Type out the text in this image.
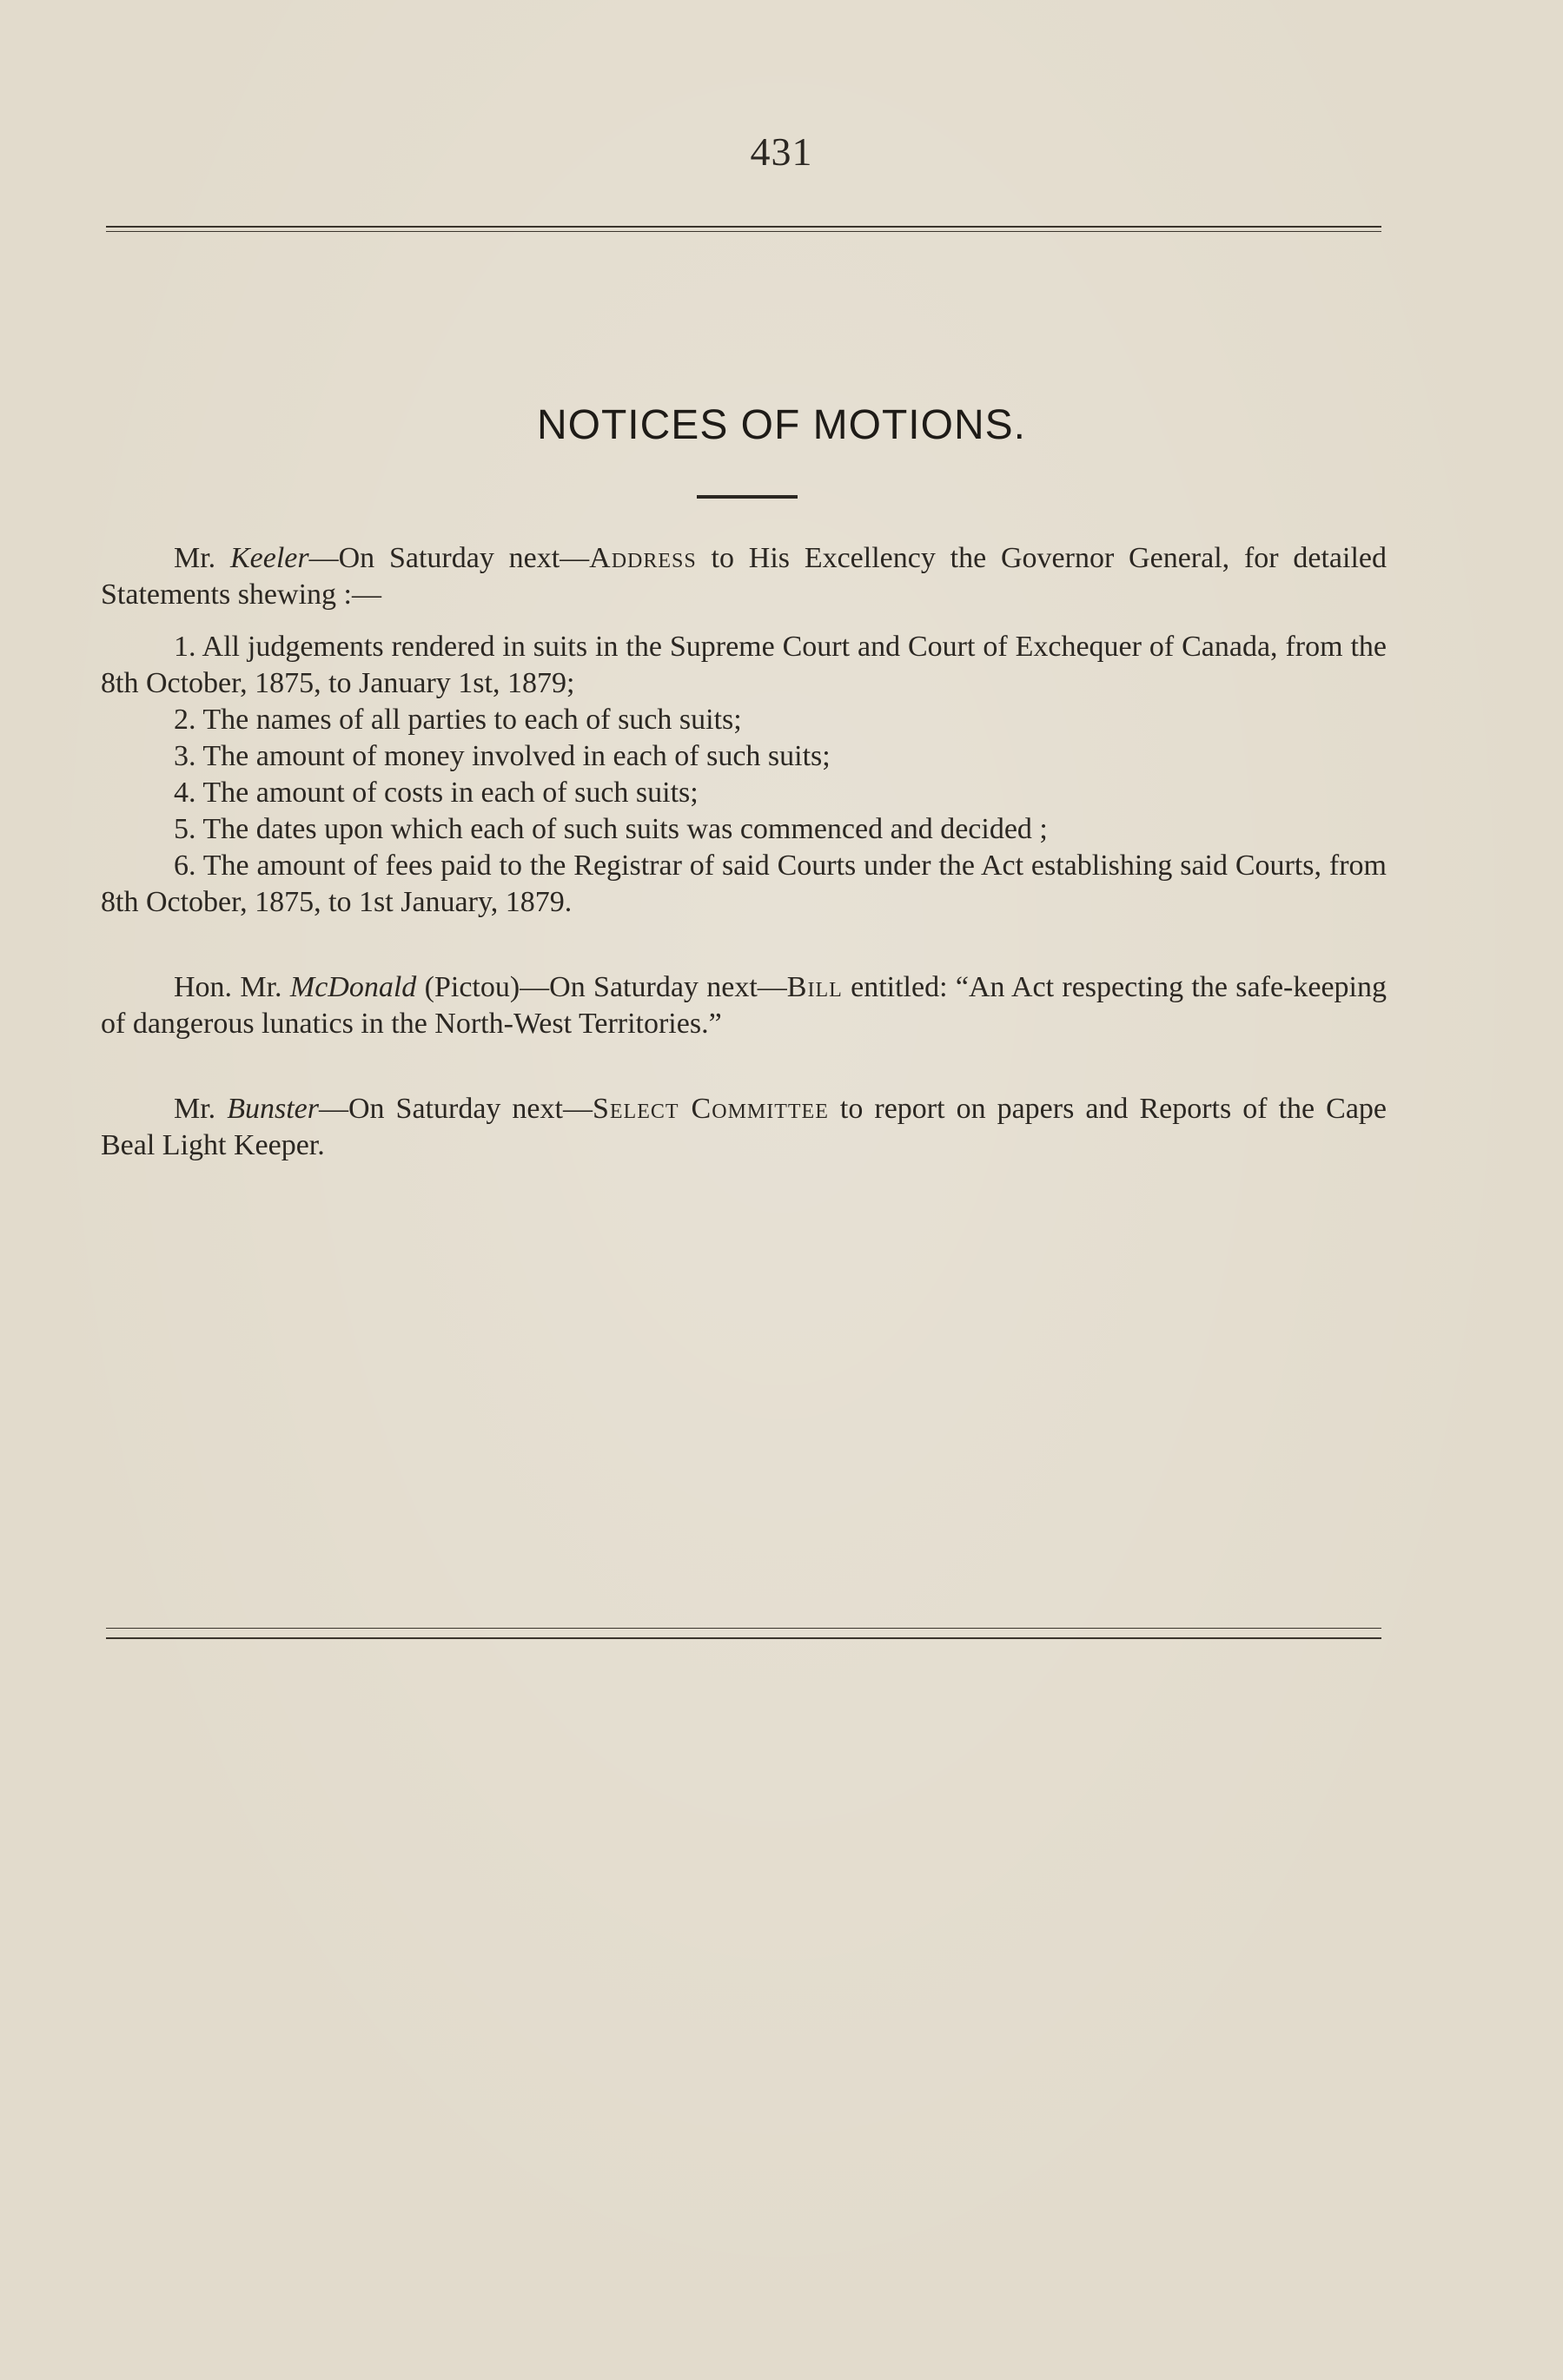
431
NOTICES OF MOTIONS.

Mr. Keeler—On Saturday next—Address to His Excellency the Governor General, for detailed Statements shewing :—

1. All judgements rendered in suits in the Supreme Court and Court of Exchequer of Canada, from the 8th October, 1875, to January 1st, 1879;

2. The names of all parties to each of such suits;

3. The amount of money involved in each of such suits;

4. The amount of costs in each of such suits;

5. The dates upon which each of such suits was commenced and decided ;

6. The amount of fees paid to the Registrar of said Courts under the Act establishing said Courts, from 8th October, 1875, to 1st January, 1879.

Hon. Mr. McDonald (Pictou)—On Saturday next—Bill entitled: “An Act respecting the safe-keeping of dangerous lunatics in the North-West Territories.”

Mr. Bunster—On Saturday next—Select Committee to report on papers and Reports of the Cape Beal Light Keeper.
